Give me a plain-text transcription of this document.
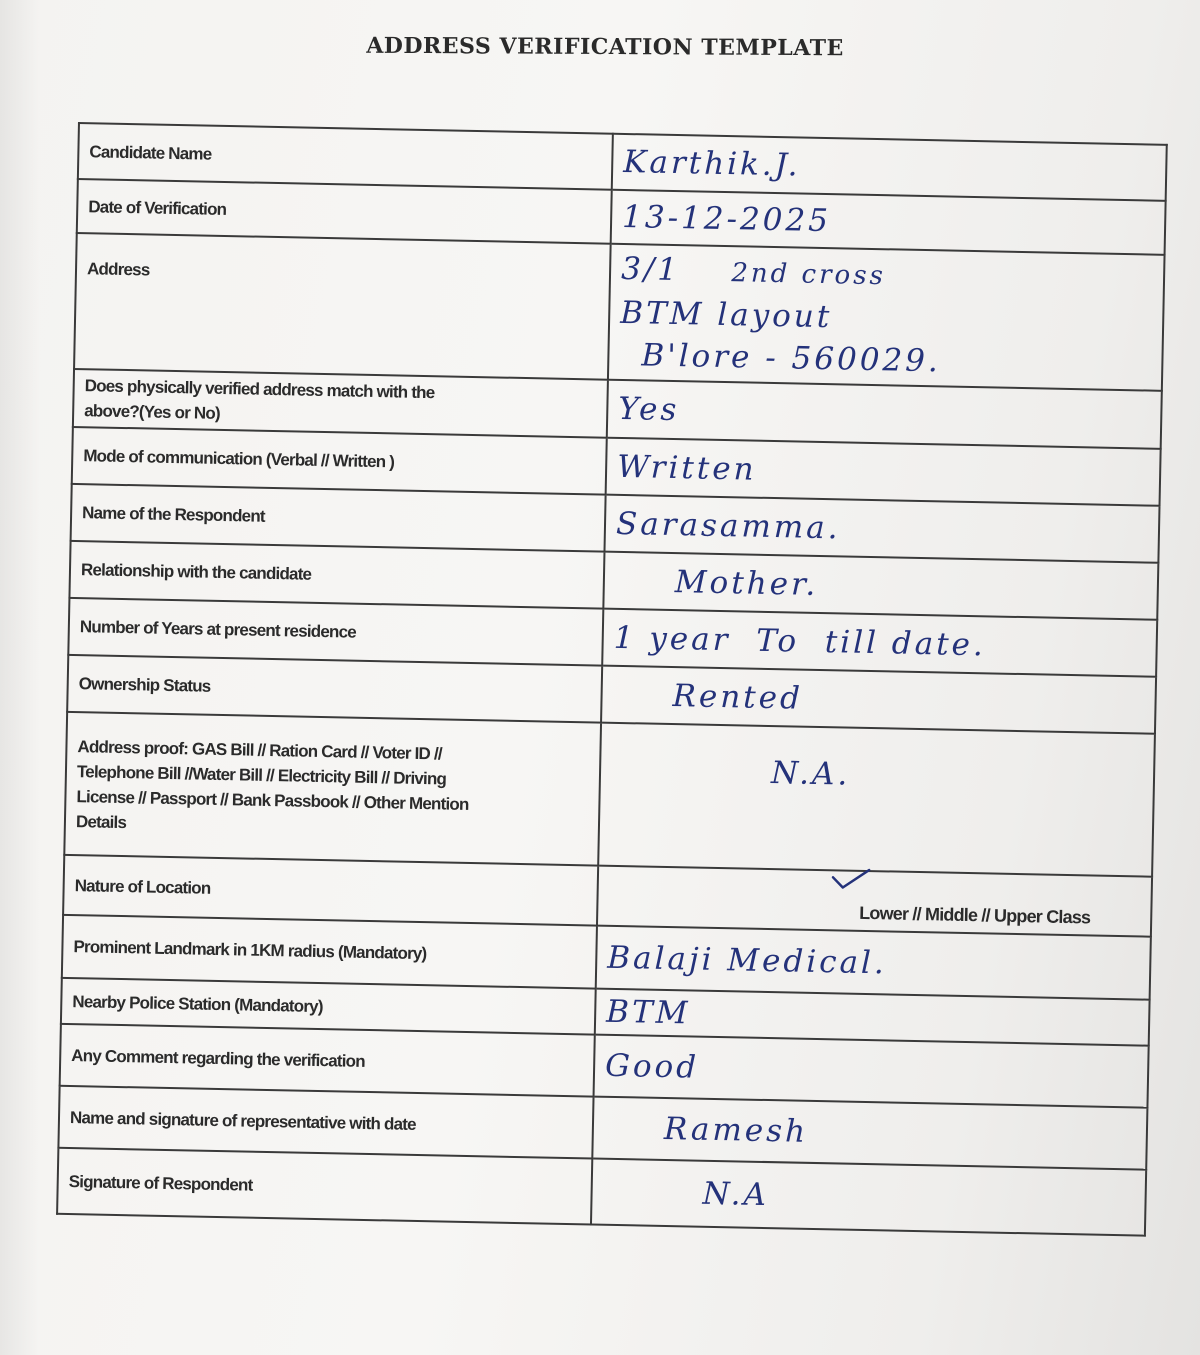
ADDRESS VERIFICATION TEMPLATE
Candidate Name	Karthik.J.
Date of Verification	13-12-2025
Address	3/1 2nd cross
BTM layout
B'lore - 560029.

Does physically verified address match with the
above?(Yes or No)	Yes
Mode of communication (Verbal // Written )	Written
Name of the Respondent	Sarasamma.
Relationship with the candidate	Mother.
Number of Years at present residence	1 year  To  till date.
Ownership Status	Rented

Address proof: GAS Bill // Ration Card // Voter ID //
Telephone Bill //Water Bill // Electricity Bill // Driving
License // Passport // Bank Passbook // Other Mention
Details	N.A.
Nature of Location	Lower // Middle // Upper Class

Prominent Landmark in 1KM radius (Mandatory)	Balaji Medical.
Nearby Police Station (Mandatory)	BTM
Any Comment regarding the verification	Good
Name and signature of representative with date	Ramesh
Signature of Respondent	N.A
